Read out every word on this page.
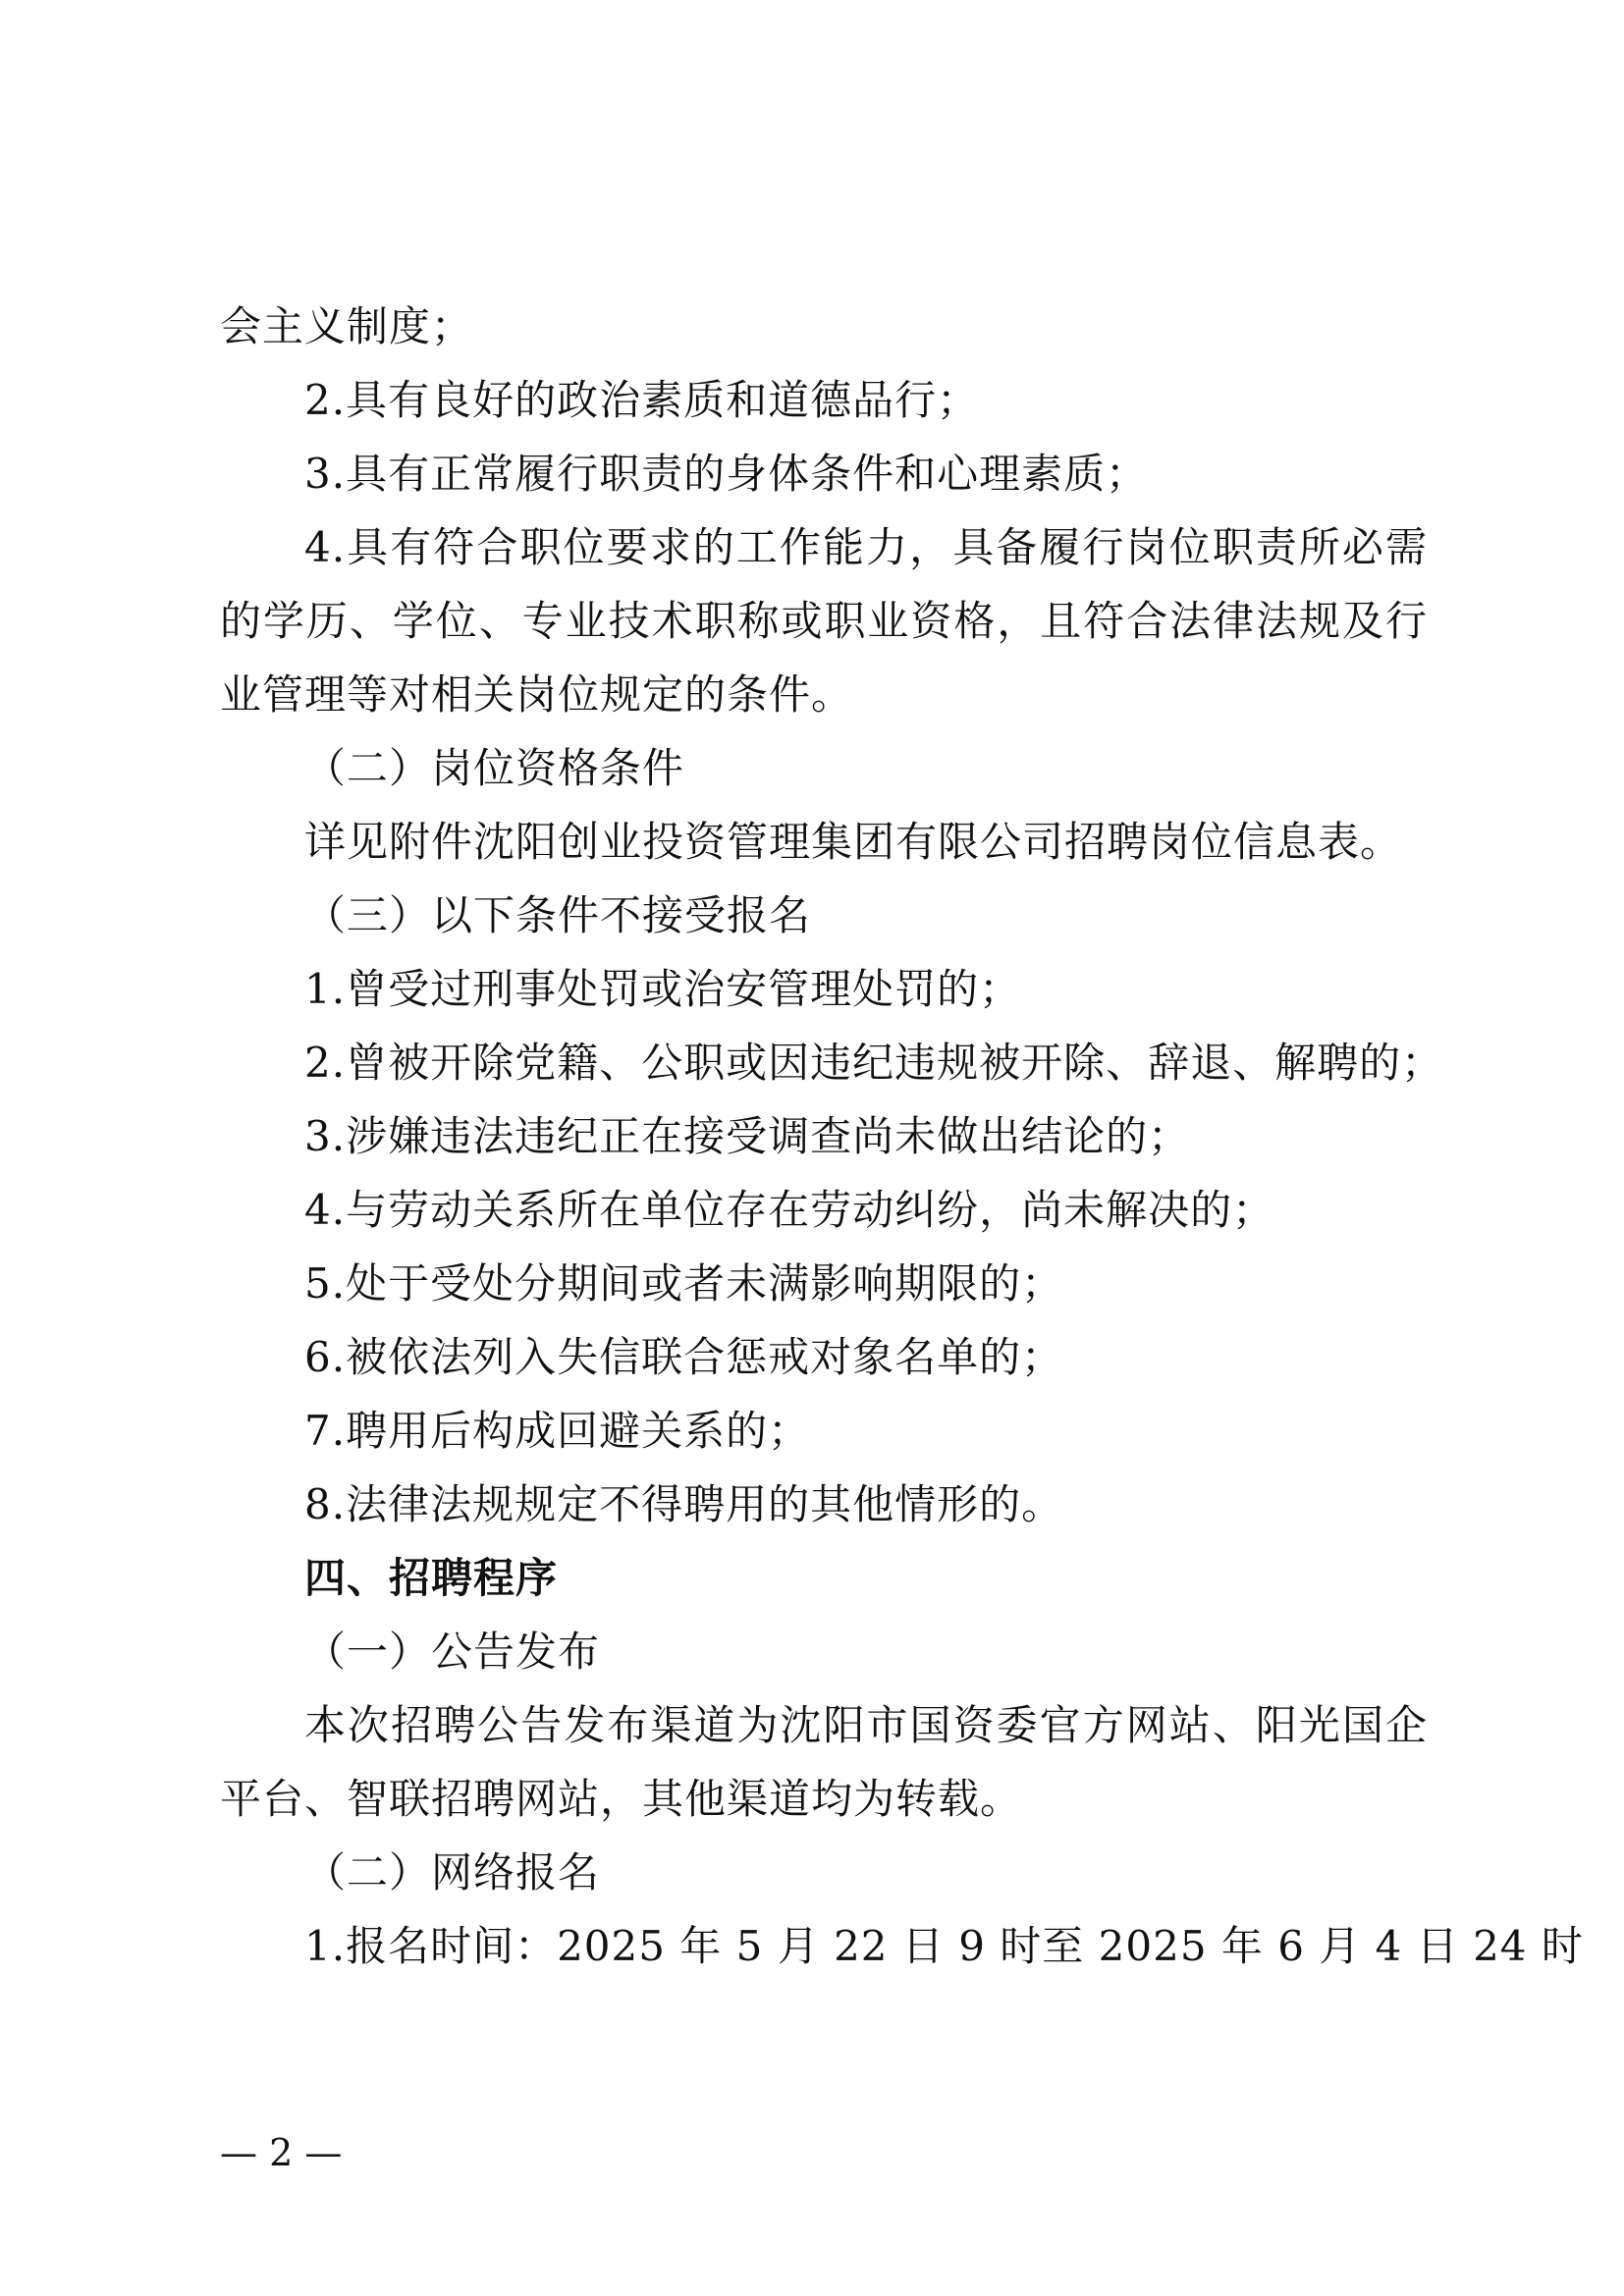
会主义制度；
2.具有良好的政治素质和道德品行；
3.具有正常履行职责的身体条件和心理素质；
4.具有符合职位要求的工作能力，具备履行岗位职责所必需
的学历、学位、专业技术职称或职业资格，且符合法律法规及行
业管理等对相关岗位规定的条件。
（二）岗位资格条件
详见附件沈阳创业投资管理集团有限公司招聘岗位信息表。
（三）以下条件不接受报名
1.曾受过刑事处罚或治安管理处罚的；
2.曾被开除党籍、公职或因违纪违规被开除、辞退、解聘的；
3.涉嫌违法违纪正在接受调查尚未做出结论的；
4.与劳动关系所在单位存在劳动纠纷，尚未解决的；
5.处于受处分期间或者未满影响期限的；
6.被依法列入失信联合惩戒对象名单的；
7.聘用后构成回避关系的；
8.法律法规规定不得聘用的其他情形的。
四、招聘程序
（一）公告发布
本次招聘公告发布渠道为沈阳市国资委官方网站、阳光国企
平台、智联招聘网站，其他渠道均为转载。
（二）网络报名
1.报名时间：2025 年 5 月 22 日 9 时至 2025 年 6 月 4 日 24 时
— 2 —
